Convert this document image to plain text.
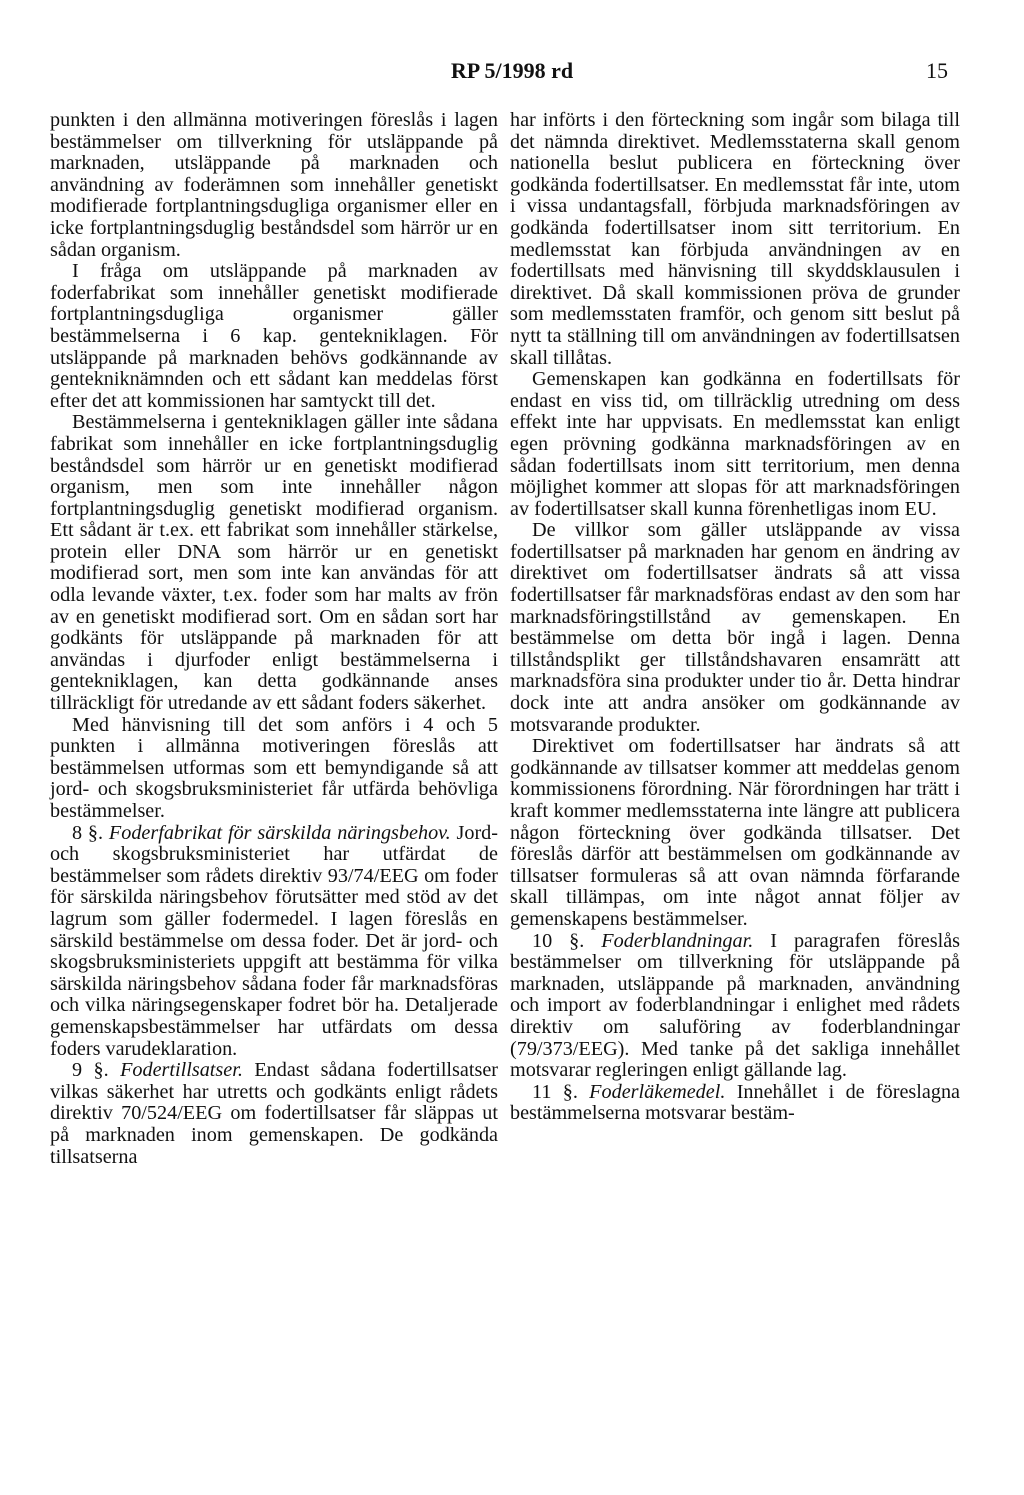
RP 5/1998 rd	15

punkten i den allmänna motiveringen föreslås i lagen bestämmelser om tillverkning för utsläppande på marknaden, utsläppande på marknaden och användning av foderämnen som innehåller genetiskt modifierade fortplantningsdugliga organismer eller en icke fortplantningsduglig beståndsdel som härrör ur en sådan organism.

I fråga om utsläppande på marknaden av foderfabrikat som innehåller genetiskt modifierade fortplantningsdugliga organismer gäller bestämmelserna i 6 kap. gentekniklagen. För utsläppande på marknaden behövs godkännande av gentekniknämnden och ett sådant kan meddelas först efter det att kommissionen har samtyckt till det.

Bestämmelserna i gentekniklagen gäller inte sådana fabrikat som innehåller en icke fortplantningsduglig beståndsdel som härrör ur en genetiskt modifierad organism, men som inte innehåller någon fortplantningsduglig genetiskt modifierad organism. Ett sådant är t.ex. ett fabrikat som innehåller stärkelse, protein eller DNA som härrör ur en genetiskt modifierad sort, men som inte kan användas för att odla levande växter, t.ex. foder som har malts av frön av en genetiskt modifierad sort. Om en sådan sort har godkänts för utsläppande på marknaden för att användas i djurfoder enligt bestämmelserna i gentekniklagen, kan detta godkännande anses tillräckligt för utredande av ett sådant foders säkerhet.

Med hänvisning till det som anförs i 4 och 5 punkten i allmänna motiveringen föreslås att bestämmelsen utformas som ett bemyndigande så att jord- och skogsbruksministeriet får utfärda behövliga bestämmelser.

8 §. Foderfabrikat för särskilda näringsbehov. Jord- och skogsbruksministeriet har utfärdat de bestämmelser som rådets direktiv 93/74/EEG om foder för särskilda näringsbehov förutsätter med stöd av det lagrum som gäller fodermedel. I lagen föreslås en särskild bestämmelse om dessa foder. Det är jord- och skogsbruksministeriets uppgift att bestämma för vilka särskilda näringsbehov sådana foder får marknadsföras och vilka näringsegenskaper fodret bör ha. Detaljerade gemenskapsbestämmelser har utfärdats om dessa foders varudeklaration.

9 §. Fodertillsatser. Endast sådana fodertillsatser vilkas säkerhet har utretts och godkänts enligt rådets direktiv 70/524/EEG om fodertillsatser får släppas ut på marknaden inom gemenskapen. De godkända tillsatserna

har införts i den förteckning som ingår som bilaga till det nämnda direktivet. Medlemsstaterna skall genom nationella beslut publicera en förteckning över godkända fodertillsatser. En medlemsstat får inte, utom i vissa undantagsfall, förbjuda marknadsföringen av godkända fodertillsatser inom sitt territorium. En medlemsstat kan förbjuda användningen av en fodertillsats med hänvisning till skyddsklausulen i direktivet. Då skall kommissionen pröva de grunder som medlemsstaten framför, och genom sitt beslut på nytt ta ställning till om användningen av fodertillsatsen skall tillåtas.

Gemenskapen kan godkänna en fodertillsats för endast en viss tid, om tillräcklig utredning om dess effekt inte har uppvisats. En medlemsstat kan enligt egen prövning godkänna marknadsföringen av en sådan fodertillsats inom sitt territorium, men denna möjlighet kommer att slopas för att marknadsföringen av fodertillsatser skall kunna förenhetligas inom EU.

De villkor som gäller utsläppande av vissa fodertillsatser på marknaden har genom en ändring av direktivet om fodertillsatser ändrats så att vissa fodertillsatser får marknadsföras endast av den som har marknadsföringstillstånd av gemenskapen. En bestämmelse om detta bör ingå i lagen. Denna tillståndsplikt ger tillståndshavaren ensamrätt att marknadsföra sina produkter under tio år. Detta hindrar dock inte att andra ansöker om godkännande av motsvarande produkter.

Direktivet om fodertillsatser har ändrats så att godkännande av tillsatser kommer att meddelas genom kommissionens förordning. När förordningen har trätt i kraft kommer medlemsstaterna inte längre att publicera någon förteckning över godkända tillsatser. Det föreslås därför att bestämmelsen om godkännande av tillsatser formuleras så att ovan nämnda förfarande skall tillämpas, om inte något annat följer av gemenskapens bestämmelser.

10 §. Foderblandningar. I paragrafen föreslås bestämmelser om tillverkning för utsläppande på marknaden, utsläppande på marknaden, användning och import av foderblandningar i enlighet med rådets direktiv om saluföring av foderblandningar (79/373/EEG). Med tanke på det sakliga innehållet motsvarar regleringen enligt gällande lag.

11 §. Foderläkemedel. Innehållet i de föreslagna bestämmelserna motsvarar bestäm-
